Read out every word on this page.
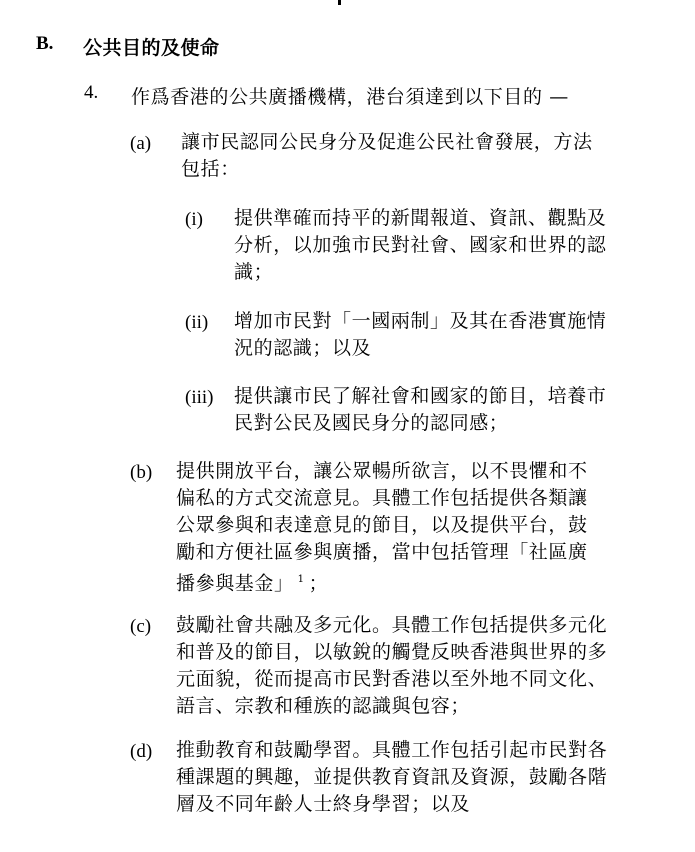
B. 公共目的及使命
4. 作爲香港的公共廣播機構，港台須達到以下目的 —
(a) 讓市民認同公民身分及促進公民社會發展，方法
包括：
(i) 提供準確而持平的新聞報道、資訊、觀點及
分析，以加強市民對社會、國家和世界的認
識；
(ii) 增加市民對「一國兩制」及其在香港實施情
況的認識；以及
(iii) 提供讓市民了解社會和國家的節目，培養市
民對公民及國民身分的認同感；
(b) 提供開放平台，讓公眾暢所欲言，以不畏懼和不
偏私的方式交流意見。具體工作包括提供各類讓
公眾參與和表達意見的節目，以及提供平台，鼓
勵和方便社區參與廣播，當中包括管理「社區廣
播參與基金」 $^1$ ；
(c) 鼓勵社會共融及多元化。具體工作包括提供多元化
和普及的節目，以敏銳的觸覺反映香港與世界的多
元面貌，從而提高市民對香港以至外地不同文化、
語言、宗教和種族的認識與包容；
(d) 推動教育和鼓勵學習。具體工作包括引起市民對各
種課題的興趣，並提供教育資訊及資源，鼓勵各階
層及不同年齡人士終身學習；以及
